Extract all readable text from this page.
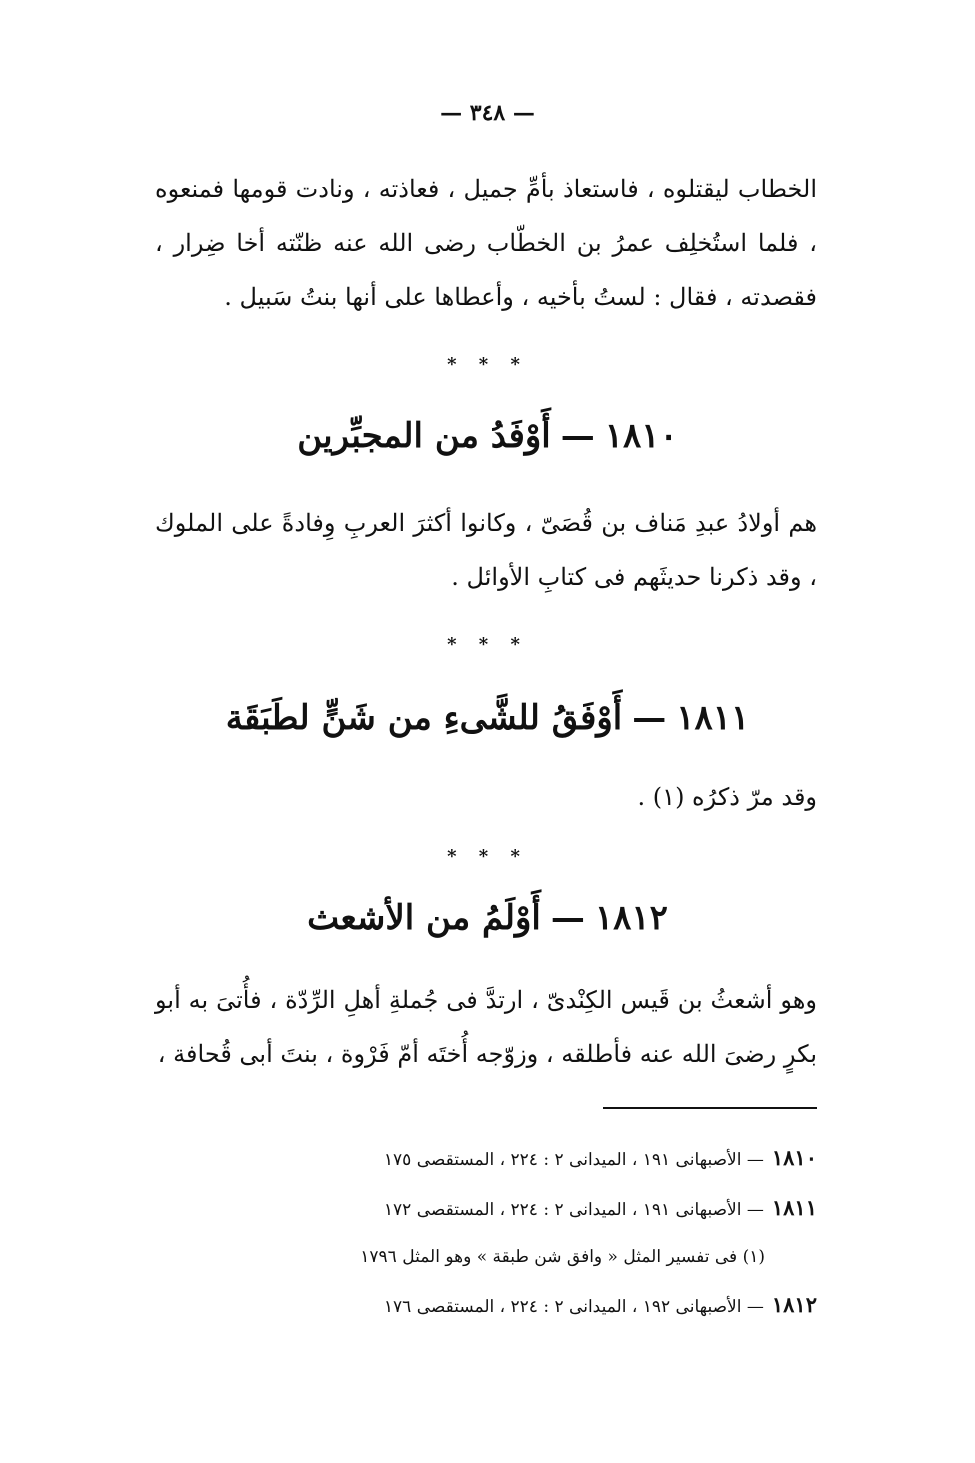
— ٣٤٨ —

الخطاب ليقتلوه ، فاستعاذ بأمِّ جميل ، فعاذته ، ونادت قومها فمنعوه ، فلما استُخلِف عمرُ بن الخطّاب رضى الله عنه ظنّته أخا ضِرار ، فقصدته ، فقال : لستُ بأخيه ، وأعطاها على أنها بنتُ سَبيل .

* * *
١٨١٠—أَوْفَدُ من المجبِّرين

هم أولادُ عبدِ مَناف بن قُصَىّ ، وكانوا أكثرَ العربِ وِفادةً على الملوك ، وقد ذكرنا حديثَهم فى كتابِ الأوائل .

* * *
١٨١١—أَوْفَقُ للشَّىءِ من شَنٍّ لطَبَقَة

وقد مرّ ذكرُه (١) .

* * *
١٨١٢—أَوْلَمُ من الأشعث

وهو أشعثُ بن قَيس الكِنْدىّ ، ارتدَّ فى جُملةِ أهلِ الرِّدّة ، فأُتىَ به أبو بكرٍ رضىَ الله عنه فأطلقه ، وزوّجه أُختَه أمّ فَرْوة ، بنتَ أبى قُحافة ،

١٨١٠— الأصبهانى ١٩١ ، الميدانى ٢ : ٢٢٤ ، المستقصى ١٧٥
١٨١١— الأصبهانى ١٩١ ، الميدانى ٢ : ٢٢٤ ، المستقصى ١٧٢
(١) فى تفسير المثل « وافق شن طبقة » وهو المثل ١٧٩٦
١٨١٢— الأصبهانى ١٩٢ ، الميدانى ٢ : ٢٢٤ ، المستقصى ١٧٦
